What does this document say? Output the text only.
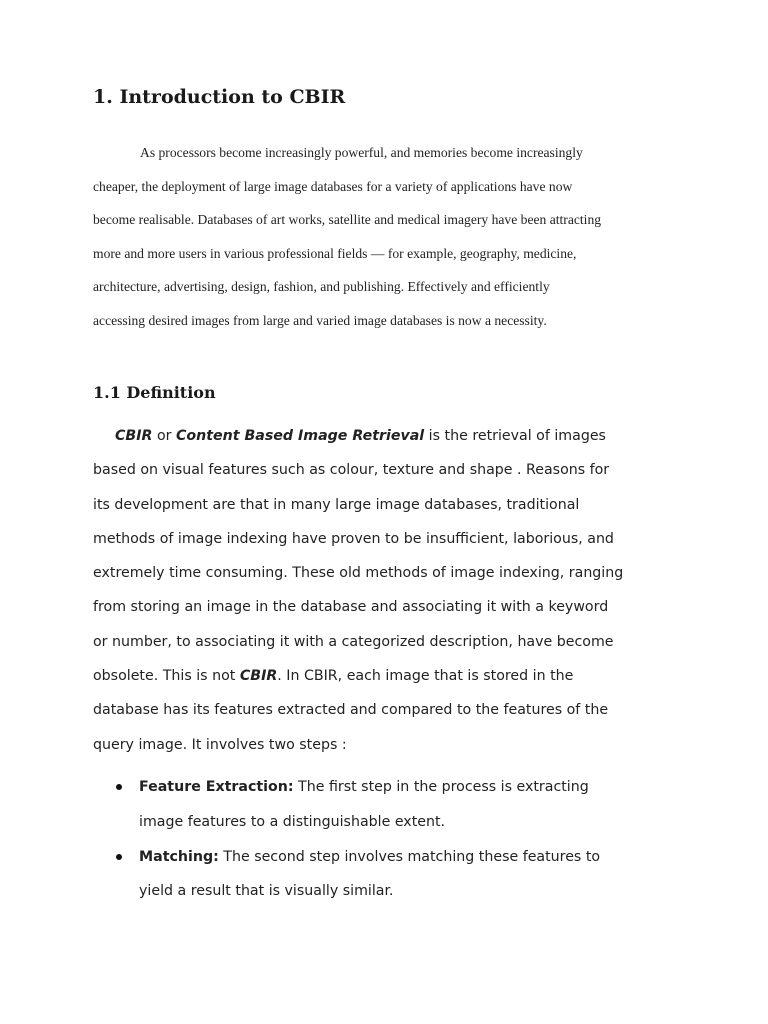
1. Introduction to CBIR

As processors become increasingly powerful, and memories become increasingly
cheaper, the deployment of large image databases for a variety of applications have now
become realisable. Databases of art works, satellite and medical imagery have been attracting
more and more users in various professional fields — for example, geography, medicine,
architecture, advertising, design, fashion, and publishing. Effectively and efficiently
accessing desired images from large and varied image databases is now a necessity.

1.1 Definition

CBIR or Content Based Image Retrieval is the retrieval of images
based on visual features such as colour, texture and shape . Reasons for
its development are that in many large image databases, traditional
methods of image indexing have proven to be insufficient, laborious, and
extremely time consuming. These old methods of image indexing, ranging
from storing an image in the database and associating it with a keyword
or number, to associating it with a categorized description, have become
obsolete. This is not CBIR. In CBIR, each image that is stored in the
database has its features extracted and compared to the features of the
query image. It involves two steps :

Feature Extraction: The first step in the process is extracting
image features to a distinguishable extent.
Matching: The second step involves matching these features to
yield a result that is visually similar.
